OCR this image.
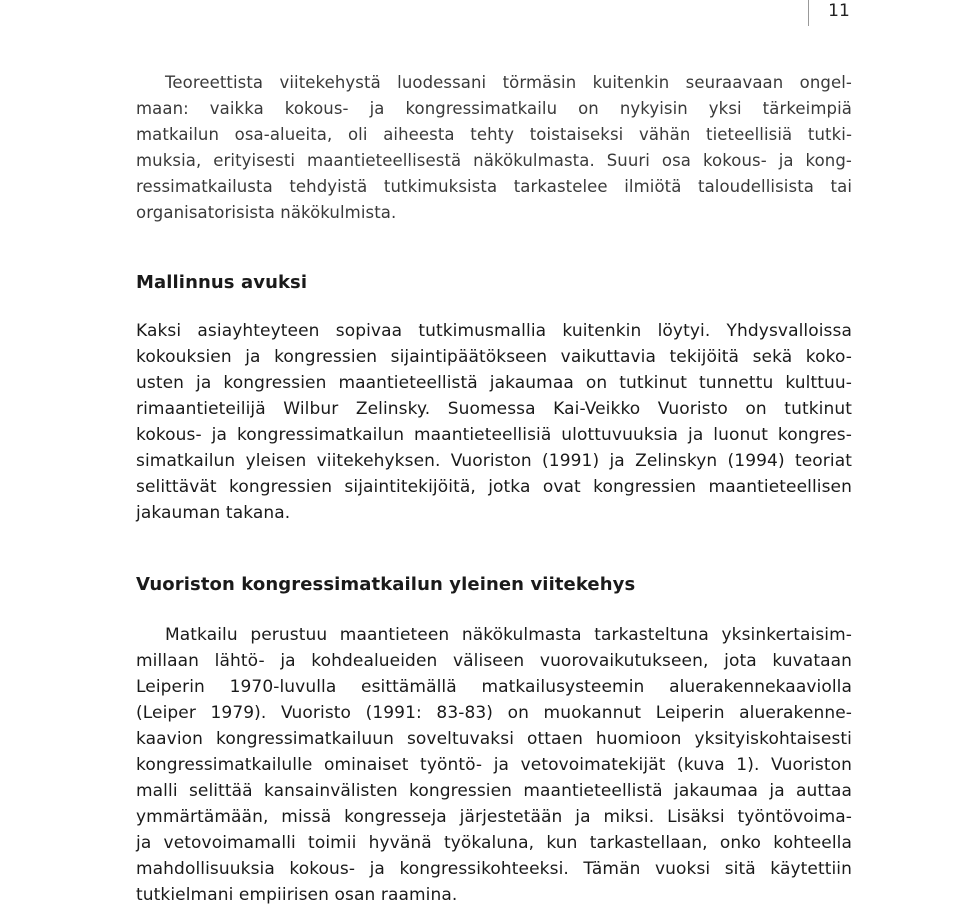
11
Teoreettista viitekehystä luodessani törmäsin kuitenkin seuraavaan ongel-
maan: vaikka kokous- ja kongressimatkailu on nykyisin yksi tärkeimpiä
matkailun osa-alueita, oli aiheesta tehty toistaiseksi vähän tieteellisiä tutki-
muksia, erityisesti maantieteellisestä näkökulmasta. Suuri osa kokous- ja kong-
ressimatkailusta tehdyistä tutkimuksista tarkastelee ilmiötä taloudellisista tai
organisatorisista näkökulmista.
Mallinnus avuksi
Kaksi asiayhteyteen sopivaa tutkimusmallia kuitenkin löytyi. Yhdysvalloissa
kokouksien ja kongressien sijaintipäätökseen vaikuttavia tekijöitä sekä koko-
usten ja kongressien maantieteellistä jakaumaa on tutkinut tunnettu kulttuu-
rimaantieteilijä Wilbur Zelinsky. Suomessa Kai-Veikko Vuoristo on tutkinut
kokous- ja kongressimatkailun maantieteellisiä ulottuvuuksia ja luonut kongres-
simatkailun yleisen viitekehyksen. Vuoriston (1991) ja Zelinskyn (1994) teoriat
selittävät kongressien sijaintitekijöitä, jotka ovat kongressien maantieteellisen
jakauman takana.
Vuoriston kongressimatkailun yleinen viitekehys
Matkailu perustuu maantieteen näkökulmasta tarkasteltuna yksinkertaisim-
millaan lähtö- ja kohdealueiden väliseen vuorovaikutukseen, jota kuvataan
Leiperin 1970-luvulla esittämällä matkailusysteemin aluerakennekaaviolla
(Leiper 1979). Vuoristo (1991: 83-83) on muokannut Leiperin aluerakenne-
kaavion kongressimatkailuun soveltuvaksi ottaen huomioon yksityiskohtaisesti
kongressimatkailulle ominaiset työntö- ja vetovoimatekijät (kuva 1). Vuoriston
malli selittää kansainvälisten kongressien maantieteellistä jakaumaa ja auttaa
ymmärtämään, missä kongresseja järjestetään ja miksi. Lisäksi työntövoima-
ja vetovoimamalli toimii hyvänä työkaluna, kun tarkastellaan, onko kohteella
mahdollisuuksia kokous- ja kongressikohteeksi. Tämän vuoksi sitä käytettiin
tutkielmani empiirisen osan raamina.
